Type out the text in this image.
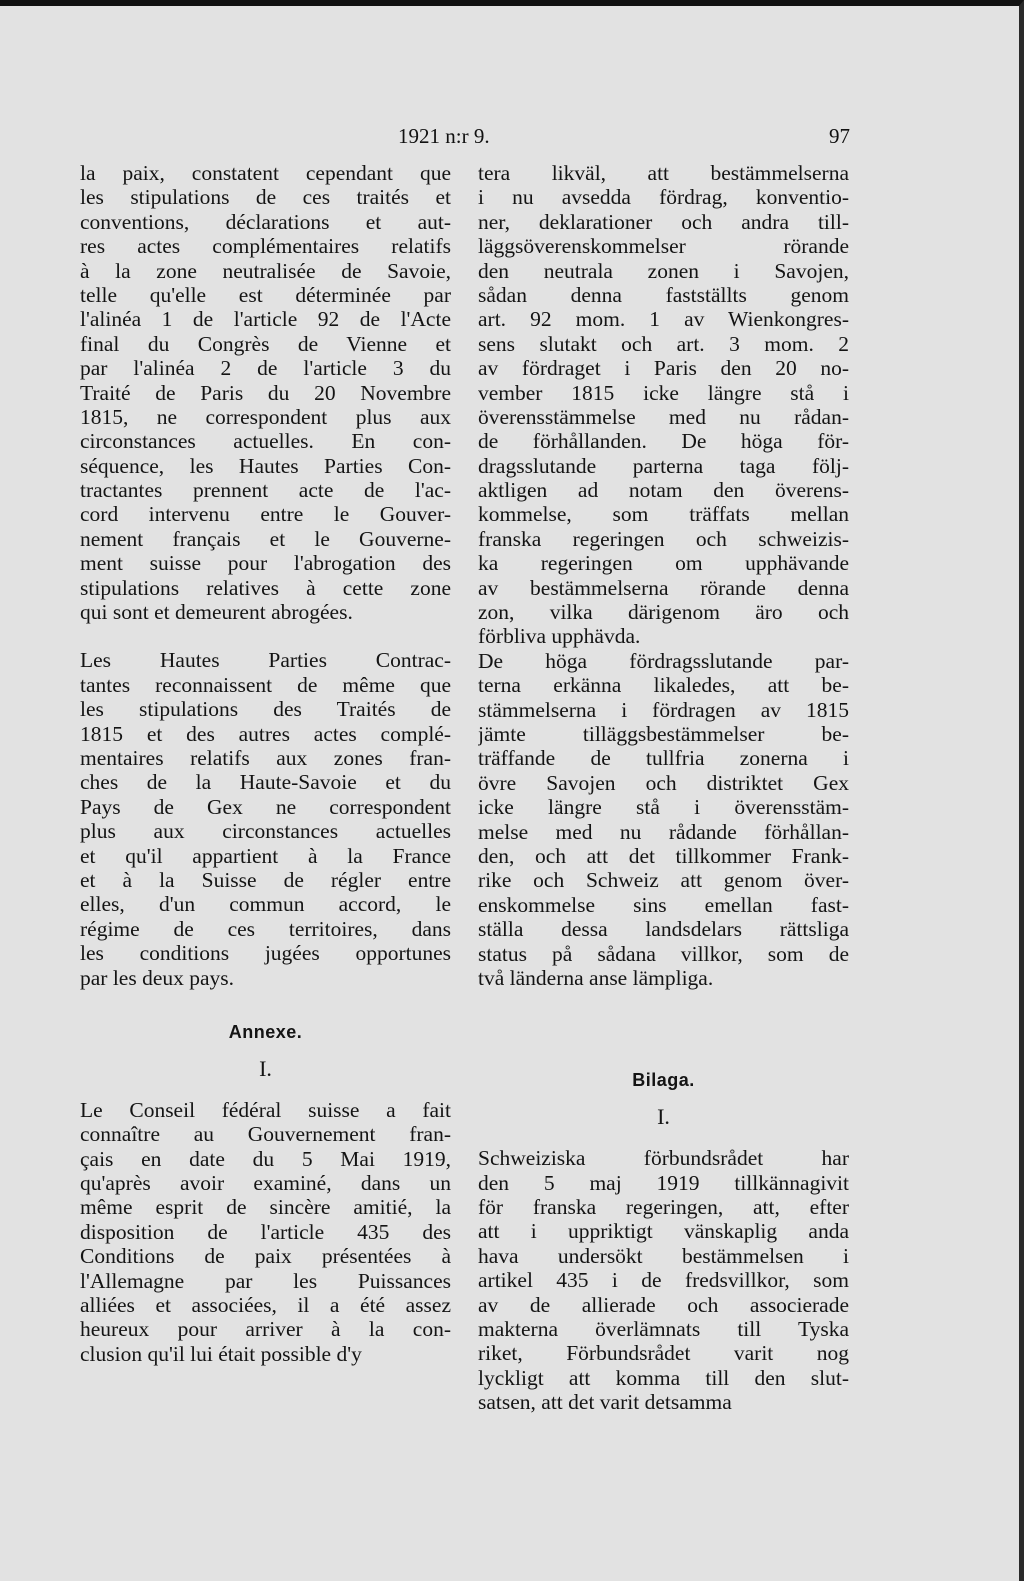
1921 n:r 9.	97
la paix, constatent cependant que
les stipulations de ces traités et
conventions, déclarations et aut-
res actes complémentaires relatifs
à la zone neutralisée de Savoie,
telle qu'elle est déterminée par
l'alinéa 1 de l'article 92 de l'Acte
final du Congrès de Vienne et
par l'alinéa 2 de l'article 3 du
Traité de Paris du 20 Novembre
1815, ne correspondent plus aux
circonstances actuelles. En con-
séquence, les Hautes Parties Con-
tractantes prennent acte de l'ac-
cord intervenu entre le Gouver-
nement français et le Gouverne-
ment suisse pour l'abrogation des
stipulations relatives à cette zone
qui sont et demeurent abrogées.
Les Hautes Parties Contrac-
tantes reconnaissent de même que
les stipulations des Traités de
1815 et des autres actes complé-
mentaires relatifs aux zones fran-
ches de la Haute-Savoie et du
Pays de Gex ne correspondent
plus aux circonstances actuelles
et qu'il appartient à la France
et à la Suisse de régler entre
elles, d'un commun accord, le
régime de ces territoires, dans
les conditions jugées opportunes
par les deux pays.
Annexe.
I.
Le Conseil fédéral suisse a fait
connaître au Gouvernement fran-
çais en date du 5 Mai 1919,
qu'après avoir examiné, dans un
même esprit de sincère amitié, la
disposition de l'article 435 des
Conditions de paix présentées à
l'Allemagne par les Puissances
alliées et associées, il a été assez
heureux pour arriver à la con-
clusion qu'il lui était possible d'y
tera likväl, att bestämmelserna
i nu avsedda fördrag, konventio-
ner, deklarationer och andra till-
läggsöverenskommelser rörande
den neutrala zonen i Savojen,
sådan denna fastställts genom
art. 92 mom. 1 av Wienkongres-
sens slutakt och art. 3 mom. 2
av fördraget i Paris den 20 no-
vember 1815 icke längre stå i
överensstämmelse med nu rådan-
de förhållanden. De höga för-
dragsslutande parterna taga följ-
aktligen ad notam den överens-
kommelse, som träffats mellan
franska regeringen och schweizis-
ka regeringen om upphävande
av bestämmelserna rörande denna
zon, vilka därigenom äro och
förbliva upphävda.
De höga fördragsslutande par-
terna erkänna likaledes, att be-
stämmelserna i fördragen av 1815
jämte tilläggsbestämmelser be-
träffande de tullfria zonerna i
övre Savojen och distriktet Gex
icke längre stå i överensstäm-
melse med nu rådande förhållan-
den, och att det tillkommer Frank-
rike och Schweiz att genom över-
enskommelse sins emellan fast-
ställa dessa landsdelars rättsliga
status på sådana villkor, som de
två länderna anse lämpliga.
Bilaga.
I.
Schweiziska förbundsrådet har
den 5 maj 1919 tillkännagivit
för franska regeringen, att, efter
att i uppriktigt vänskaplig anda
hava undersökt bestämmelsen i
artikel 435 i de fredsvillkor, som
av de allierade och associerade
makterna överlämnats till Tyska
riket, Förbundsrådet varit nog
lyckligt att komma till den slut-
satsen, att det varit detsamma
